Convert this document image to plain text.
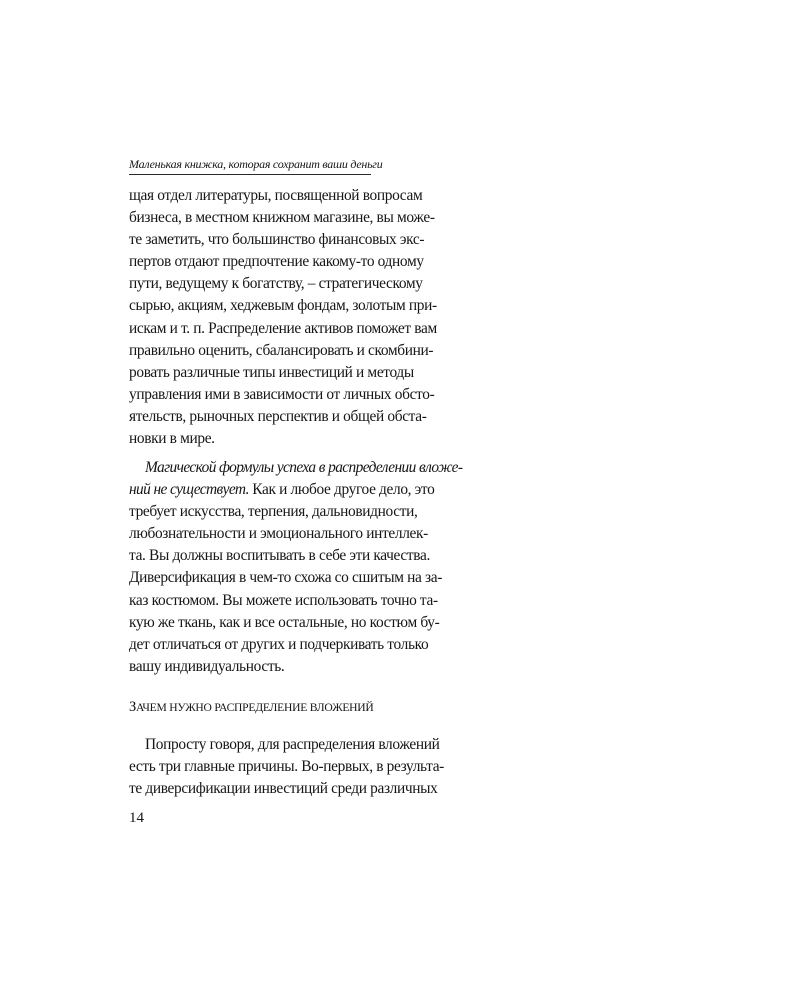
Маленькая книжка, которая сохранит ваши деньги
щая отдел литературы, посвященной вопросам
бизнеса, в местном книжном магазине, вы може-
те заметить, что большинство финансовых экс-
пертов отдают предпочтение какому-то одному
пути, ведущему к богатству, – стратегическому
сырью, акциям, хеджевым фондам, золотым при-
искам и т. п. Распределение активов поможет вам
правильно оценить, сбалансировать и скомбини-
ровать различные типы инвестиций и методы
управления ими в зависимости от личных обсто-
ятельств, рыночных перспектив и общей обста-
новки в мире.
Магической формулы успеха в распределении вложе-
ний не существует. Как и любое другое дело, это
требует искусства, терпения, дальновидности,
любознательности и эмоционального интеллек-
та. Вы должны воспитывать в себе эти качества.
Диверсификация в чем-то схожа со сшитым на за-
каз костюмом. Вы можете использовать точно та-
кую же ткань, как и все остальные, но костюм бу-
дет отличаться от других и подчеркивать только
вашу индивидуальность.
ЗАЧЕМ НУЖНО РАСПРЕДЕЛЕНИЕ ВЛОЖЕНИЙ
Попросту говоря, для распределения вложений
есть три главные причины. Во-первых, в результа-
те диверсификации инвестиций среди различных
14
